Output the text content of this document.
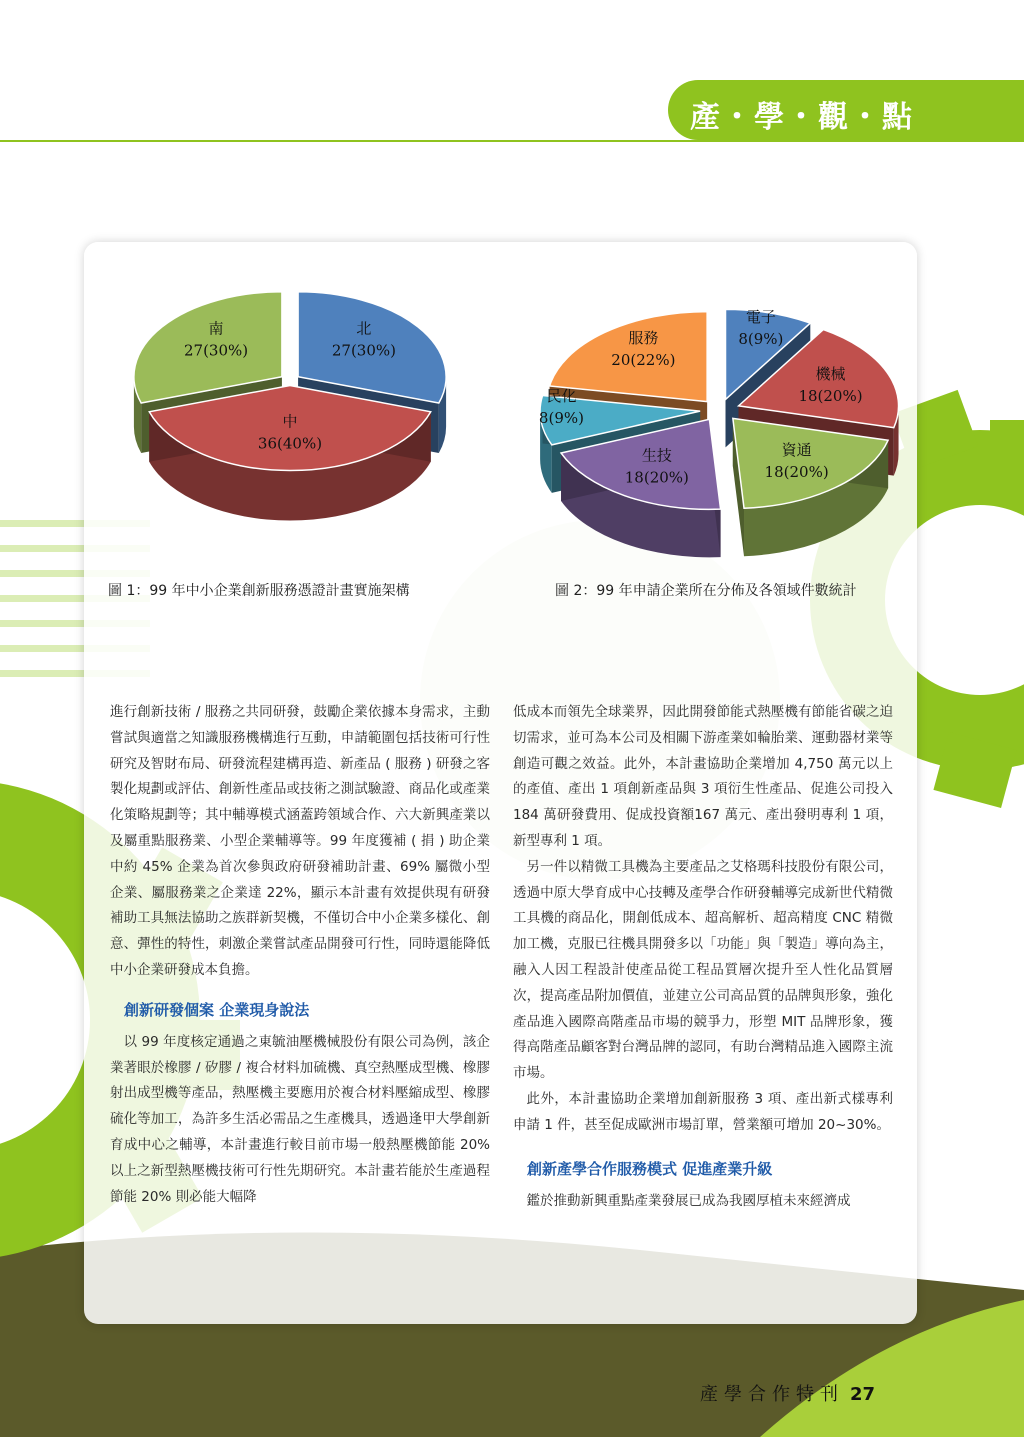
產・學・觀・點
北
27(30%)
中
36(40%)
南
27(30%)
電子
8(9%)
機械
18(20%)
資通
18(20%)
生技
18(20%)
民化
8(9%)
服務
20(22%)
圖 1：99 年中小企業創新服務憑證計畫實施架構	圖 2：99 年申請企業所在分佈及各領域件數統計

進行創新技術 / 服務之共同研發，鼓勵企業依據本身需求，主動嘗試與適當之知識服務機構進行互動，申請範圍包括技術可行性研究及智財布局、研發流程建構再造、新產品 ( 服務 ) 研發之客製化規劃或評估、創新性產品或技術之測試驗證、商品化或產業化策略規劃等；其中輔導模式涵蓋跨領域合作、六大新興產業以及屬重點服務業、小型企業輔導等。99 年度獲補 ( 捐 ) 助企業中約 45% 企業為首次參與政府研發補助計畫、69% 屬微小型企業、屬服務業之企業達 22%，顯示本計畫有效提供現有研發補助工具無法協助之族群新契機，不僅切合中小企業多樣化、創意、彈性的特性，刺激企業嘗試產品開發可行性，同時還能降低中小企業研發成本負擔。

創新研發個案 企業現身說法

以 99 年度核定通過之東毓油壓機械股份有限公司為例，該企業著眼於橡膠 / 矽膠 / 複合材料加硫機、真空熱壓成型機、橡膠射出成型機等產品，熱壓機主要應用於複合材料壓縮成型、橡膠硫化等加工，為許多生活必需品之生產機具，透過逢甲大學創新育成中心之輔導，本計畫進行較目前市場一般熱壓機節能 20% 以上之新型熱壓機技術可行性先期研究。本計畫若能於生產過程節能 20% 則必能大幅降

低成本而領先全球業界，因此開發節能式熱壓機有節能省碳之迫切需求，並可為本公司及相關下游產業如輪胎業、運動器材業等創造可觀之效益。此外，本計畫協助企業增加 4,750 萬元以上的產值、產出 1 項創新產品與 3 項衍生性產品、促進公司投入 184 萬研發費用、促成投資額167 萬元、產出發明專利 1 項，新型專利 1 項。

另一件以精微工具機為主要產品之艾格瑪科技股份有限公司，透過中原大學育成中心技轉及產學合作研發輔導完成新世代精微工具機的商品化，開創低成本、超高解析、超高精度 CNC 精微加工機，克服已往機具開發多以「功能」與「製造」導向為主，融入人因工程設計使產品從工程品質層次提升至人性化品質層次，提高產品附加價值，並建立公司高品質的品牌與形象，強化產品進入國際高階產品市場的競爭力，形塑 MIT 品牌形象，獲得高階產品顧客對台灣品牌的認同，有助台灣精品進入國際主流市場。

此外，本計畫協助企業增加創新服務 3 項、產出新式樣專利申請 1 件，甚至促成歐洲市場訂單，營業額可增加 20~30%。

創新產學合作服務模式 促進產業升級

鑑於推動新興重點產業發展已成為我國厚植未來經濟成

產學合作特刊 27
